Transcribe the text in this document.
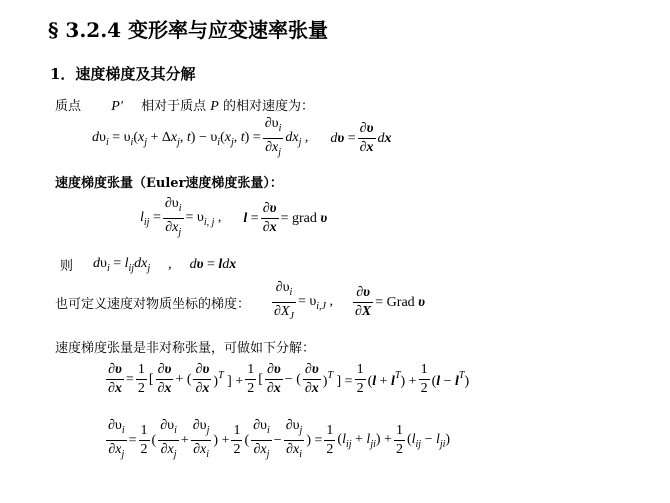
§ 3.2.4 变形率与应变速率张量
1．速度梯度及其分解
质点 P' 相对于质点 P 的相对速度为：
$d\upsilon_i = \upsilon_i(x_j + \Delta x_j$, $t) - \upsilon_i(x_j$, $t) = \frac{\partial\upsilon_i}{\partial x_j} dx_j$ , $d\upsilon = \frac{\partial\upsilon}{\partial x}$ dx
速度梯度张量（Euler速度梯度张量）：
$l_{ij} = \frac{\partial\upsilon_i}{\partial x_j} = \upsilon_{i, j}$ , $l = \frac{\partial\upsilon}{\partial x}$ = grad υ
则 $d\upsilon_i = l_{ij}dx_j$ , dυ = ldx
也可定义速度对物质坐标的梯度： $\frac{\partial\upsilon_i}{\partial X_J} = \upsilon_{i,J}$ , $\frac{\partial\upsilon}{\partial X}$ = Grad υ
速度梯度张量是非对称张量，可做如下分解：
$\frac{\partial\upsilon}{\partial x} = \frac{1}{2}$ [ $\frac{\partial\upsilon}{\partial x}$ + ( $\frac{\partial\upsilon}{\partial x} )^T$ ] + $\frac{1}{2}$ [ $\frac{\partial\upsilon}{\partial x}$ − ( $\frac{\partial\upsilon}{\partial x} )^T$ ] = $\frac{1}{2} (l + l^T) + \frac{1}{2} (l - l^T)$
$\frac{\partial\upsilon_i}{\partial x_j} = \frac{1}{2}$ ( $\frac{\partial\upsilon_i}{\partial x_j} + \frac{\partial\upsilon_j}{\partial x_i}$ ) + $\frac{1}{2}$ ( $\frac{\partial\upsilon_i}{\partial x_j} - \frac{\partial\upsilon_j}{\partial x_i}$ ) = $\frac{1}{2} (l_{ij} + l_{ji}) + \frac{1}{2} (l_{ij} - l_{ji})$
